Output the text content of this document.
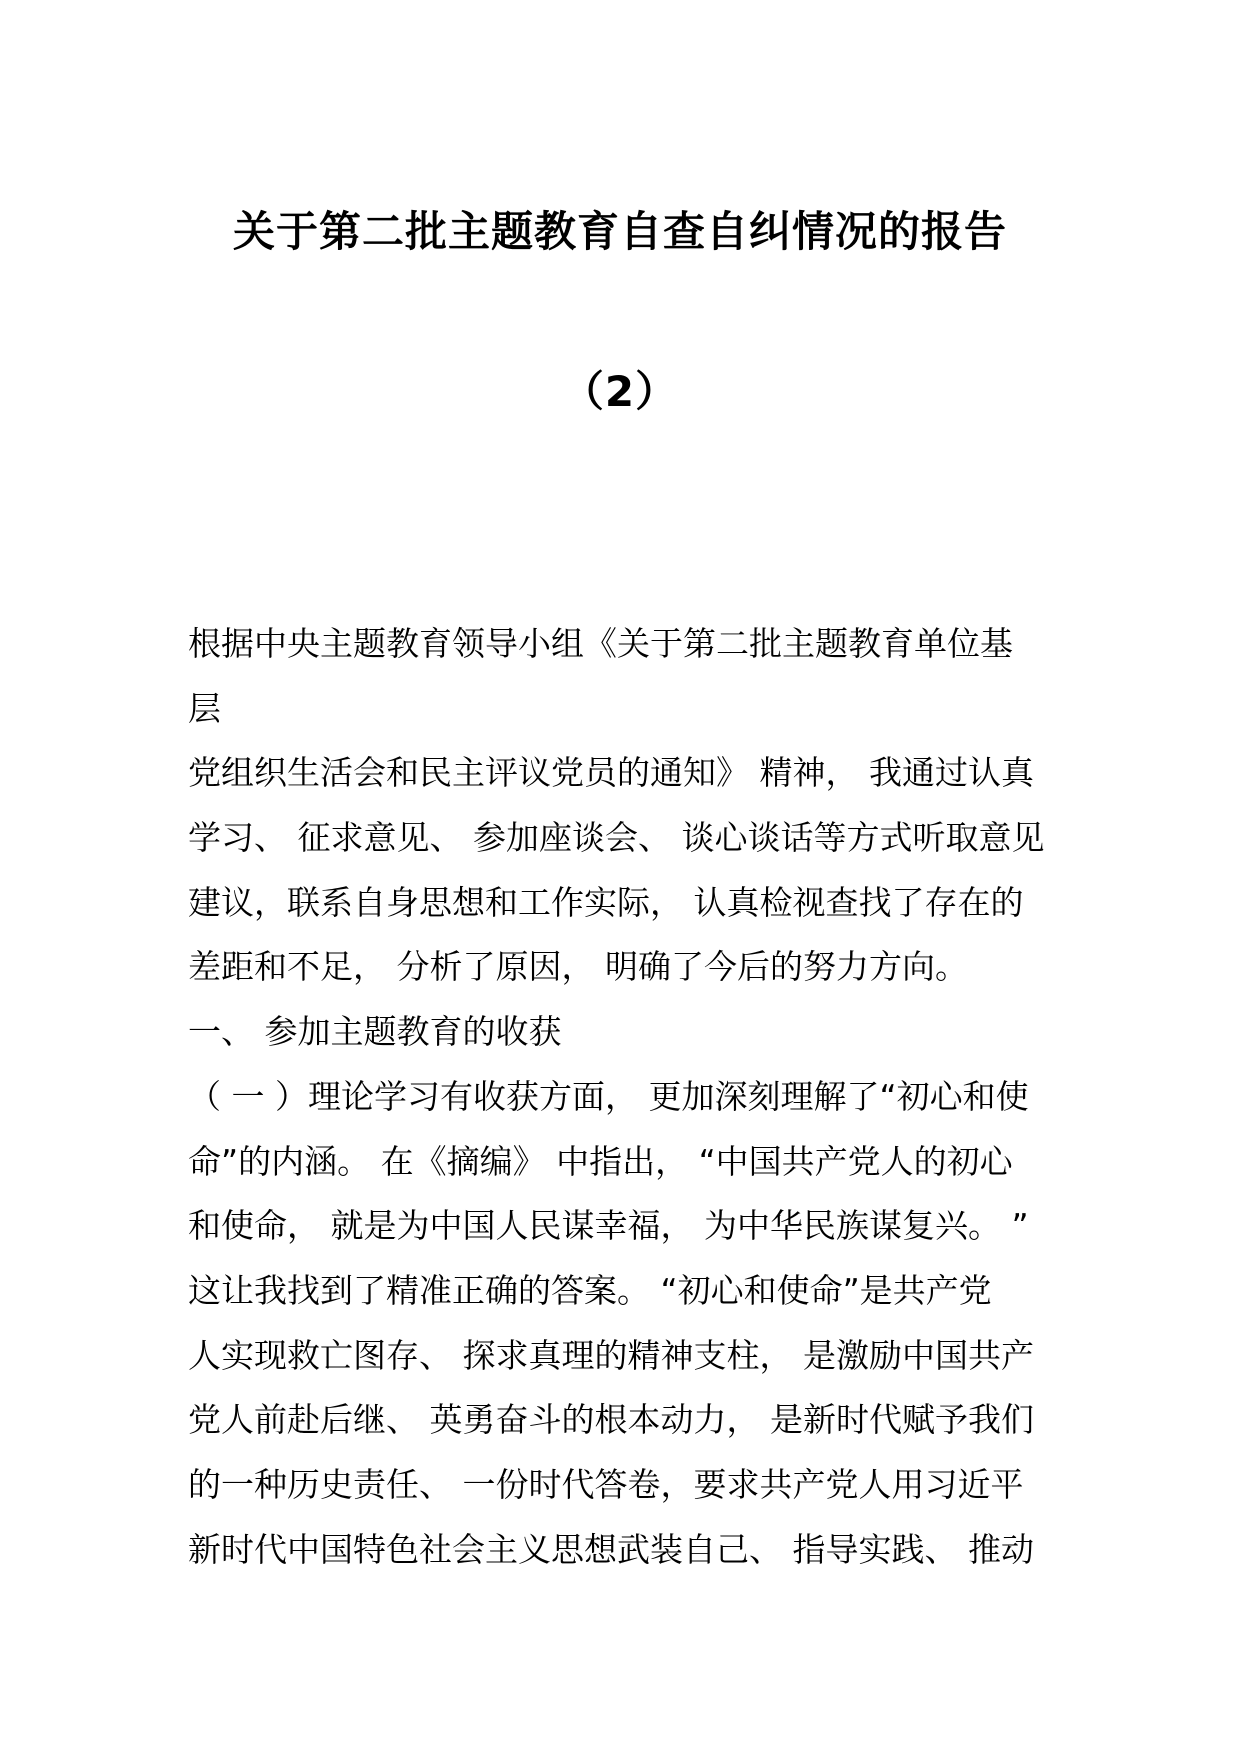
关于第二批主题教育自查自纠情况的报告
（2）
根据中央主题教育领导小组《关于第二批主题教育单位基
层
党组织生活会和民主评议党员的通知》 精神， 我通过认真
学习、 征求意见、 参加座谈会、 谈心谈话等方式听取意见
建议，联系自身思想和工作实际， 认真检视查找了存在的
差距和不足， 分析了原因， 明确了今后的努力方向。
一、 参加主题教育的收获
（ 一 ）理论学习有收获方面， 更加深刻理解了“初心和使
命”的内涵。 在《摘编》 中指出， “中国共产党人的初心
和使命， 就是为中国人民谋幸福， 为中华民族谋复兴。 ”
这让我找到了精准正确的答案。 “初心和使命”是共产党
人实现救亡图存、 探求真理的精神支柱， 是激励中国共产
党人前赴后继、 英勇奋斗的根本动力， 是新时代赋予我们
的一种历史责任、 一份时代答卷，要求共产党人用习近平
新时代中国特色社会主义思想武装自己、 指导实践、 推动
